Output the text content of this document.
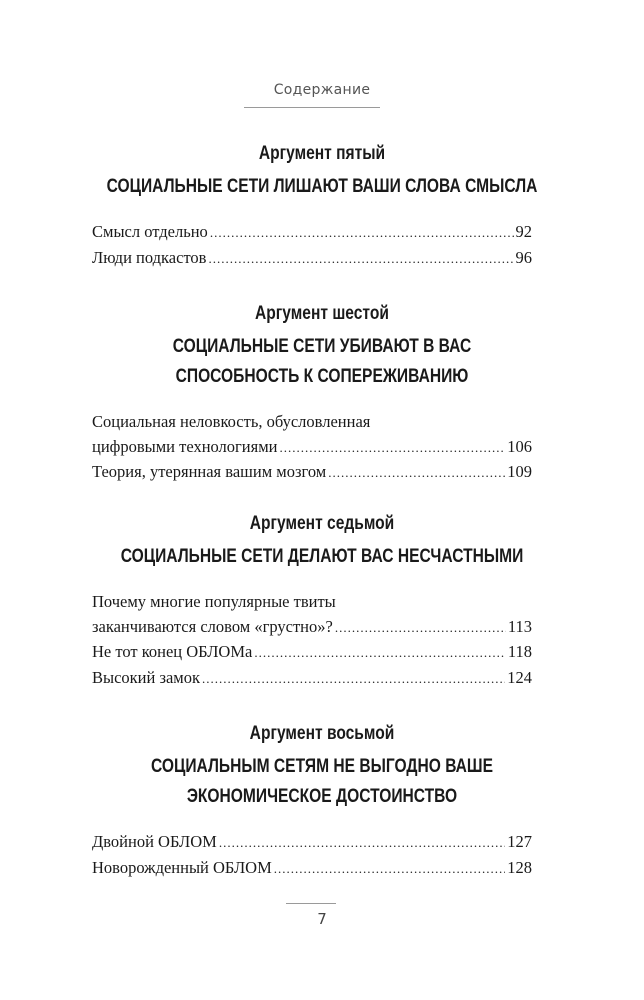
Содержание
Аргумент пятый
СОЦИАЛЬНЫЕ СЕТИ ЛИШАЮТ ВАШИ СЛОВА СМЫСЛА
Смысл отдельно .....	92
Люди подкастов .....	96
Аргумент шестой
СОЦИАЛЬНЫЕ СЕТИ УБИВАЮТ В ВАС
СПОСОБНОСТЬ К СОПЕРЕЖИВАНИЮ
Социальная неловкость, обусловленная
цифровыми технологиями .....	106
Теория, утерянная вашим мозгом .....	109
Аргумент седьмой
СОЦИАЛЬНЫЕ СЕТИ ДЕЛАЮТ ВАС НЕСЧАСТНЫМИ
Почему многие популярные твиты
заканчиваются словом «грустно»? .....	113
Не тот конец ОБЛОМа .....	118
Высокий замок .....	124
Аргумент восьмой
СОЦИАЛЬНЫМ СЕТЯМ НЕ ВЫГОДНО ВАШЕ
ЭКОНОМИЧЕСКОЕ ДОСТОИНСТВО
Двойной ОБЛОМ .....	127
Новорожденный ОБЛОМ .....	128
7
